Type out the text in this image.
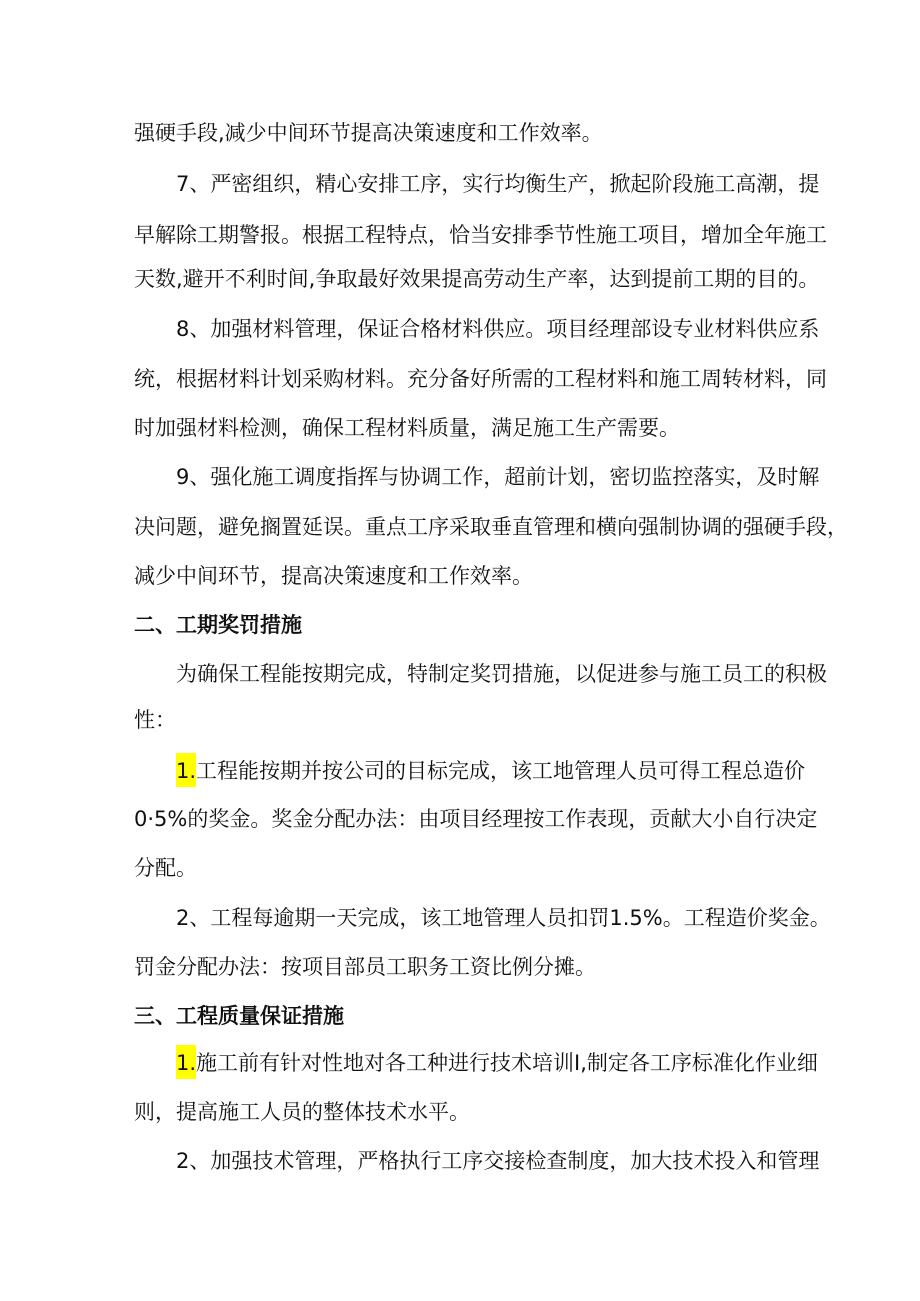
强硬手段,减少中间环节提高决策速度和工作效率。
7、严密组织，精心安排工序，实行均衡生产，掀起阶段施工高潮，提
早解除工期警报。根据工程特点，恰当安排季节性施工项目，增加全年施工
天数,避开不利时间,争取最好效果提高劳动生产率，达到提前工期的目的。
8、加强材料管理，保证合格材料供应。项目经理部设专业材料供应系
统，根据材料计划采购材料。充分备好所需的工程材料和施工周转材料，同
时加强材料检测，确保工程材料质量，满足施工生产需要。
9、强化施工调度指挥与协调工作，超前计划，密切监控落实，及时解
决问题，避免搁置延误。重点工序采取垂直管理和横向强制协调的强硬手段，
减少中间环节，提高决策速度和工作效率。
二、工期奖罚措施
为确保工程能按期完成，特制定奖罚措施，以促进参与施工员工的积极
性：
1.工程能按期并按公司的目标完成，该工地管理人员可得工程总造价
0·5%的奖金。奖金分配办法：由项目经理按工作表现，贡献大小自行决定
分配。
2、工程每逾期一天完成，该工地管理人员扣罚1.5%。工程造价奖金。
罚金分配办法：按项目部员工职务工资比例分摊。
三、工程质量保证措施
1.施工前有针对性地对各工种进行技术培训I,制定各工序标准化作业细
则，提高施工人员的整体技术水平。
2、加强技术管理，严格执行工序交接检查制度，加大技术投入和管理
